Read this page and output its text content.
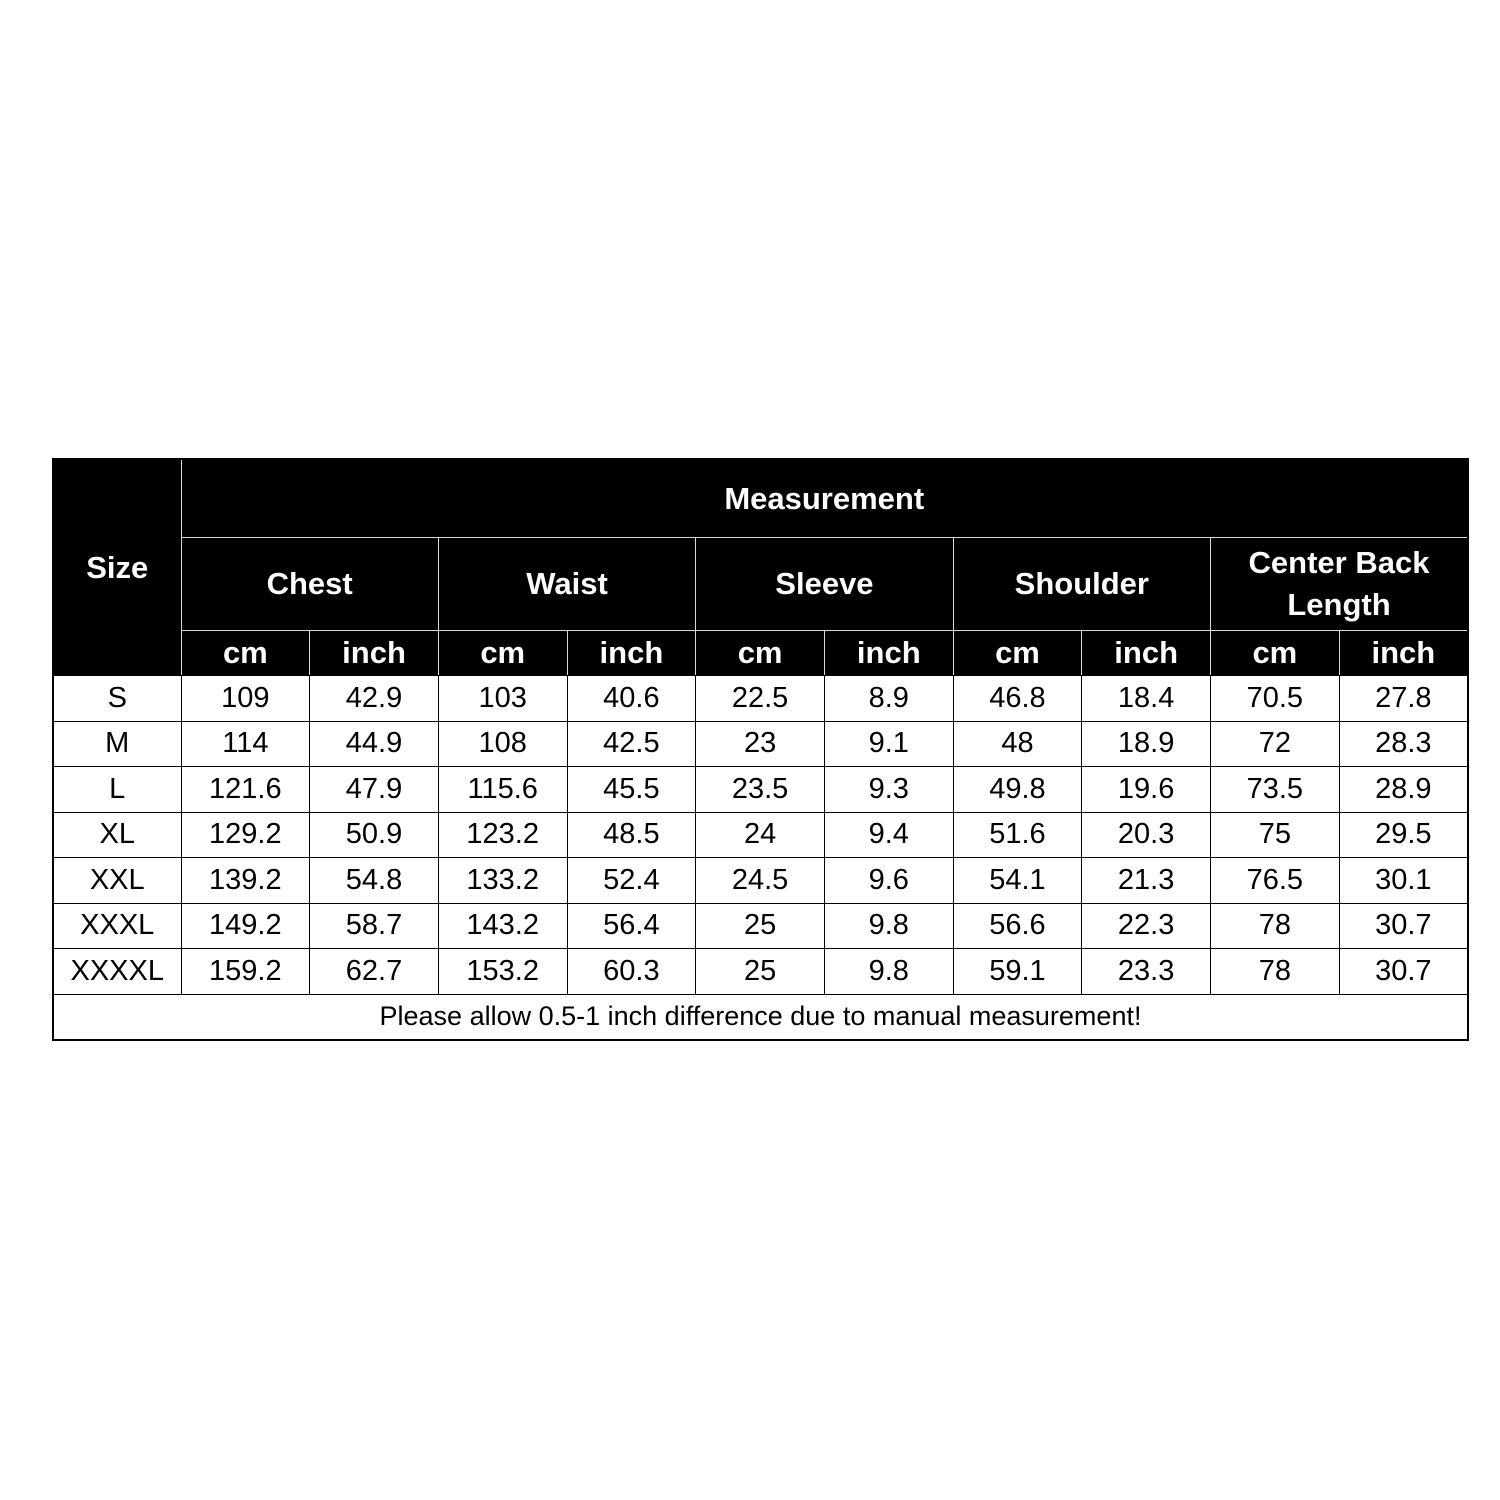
Size	Measurement									
	Chest		Waist		Sleeve		Shoulder		Center Back Length	
	cm	inch	cm	inch	cm	inch	cm	inch	cm	inch
S	109	42.9	103	40.6	22.5	8.9	46.8	18.4	70.5	27.8
M	114	44.9	108	42.5	23	9.1	48	18.9	72	28.3
L	121.6	47.9	115.6	45.5	23.5	9.3	49.8	19.6	73.5	28.9
XL	129.2	50.9	123.2	48.5	24	9.4	51.6	20.3	75	29.5
XXL	139.2	54.8	133.2	52.4	24.5	9.6	54.1	21.3	76.5	30.1
XXXL	149.2	58.7	143.2	56.4	25	9.8	56.6	22.3	78	30.7
XXXXL	159.2	62.7	153.2	60.3	25	9.8	59.1	23.3	78	30.7
Please allow 0.5-1 inch difference due to manual measurement!										
